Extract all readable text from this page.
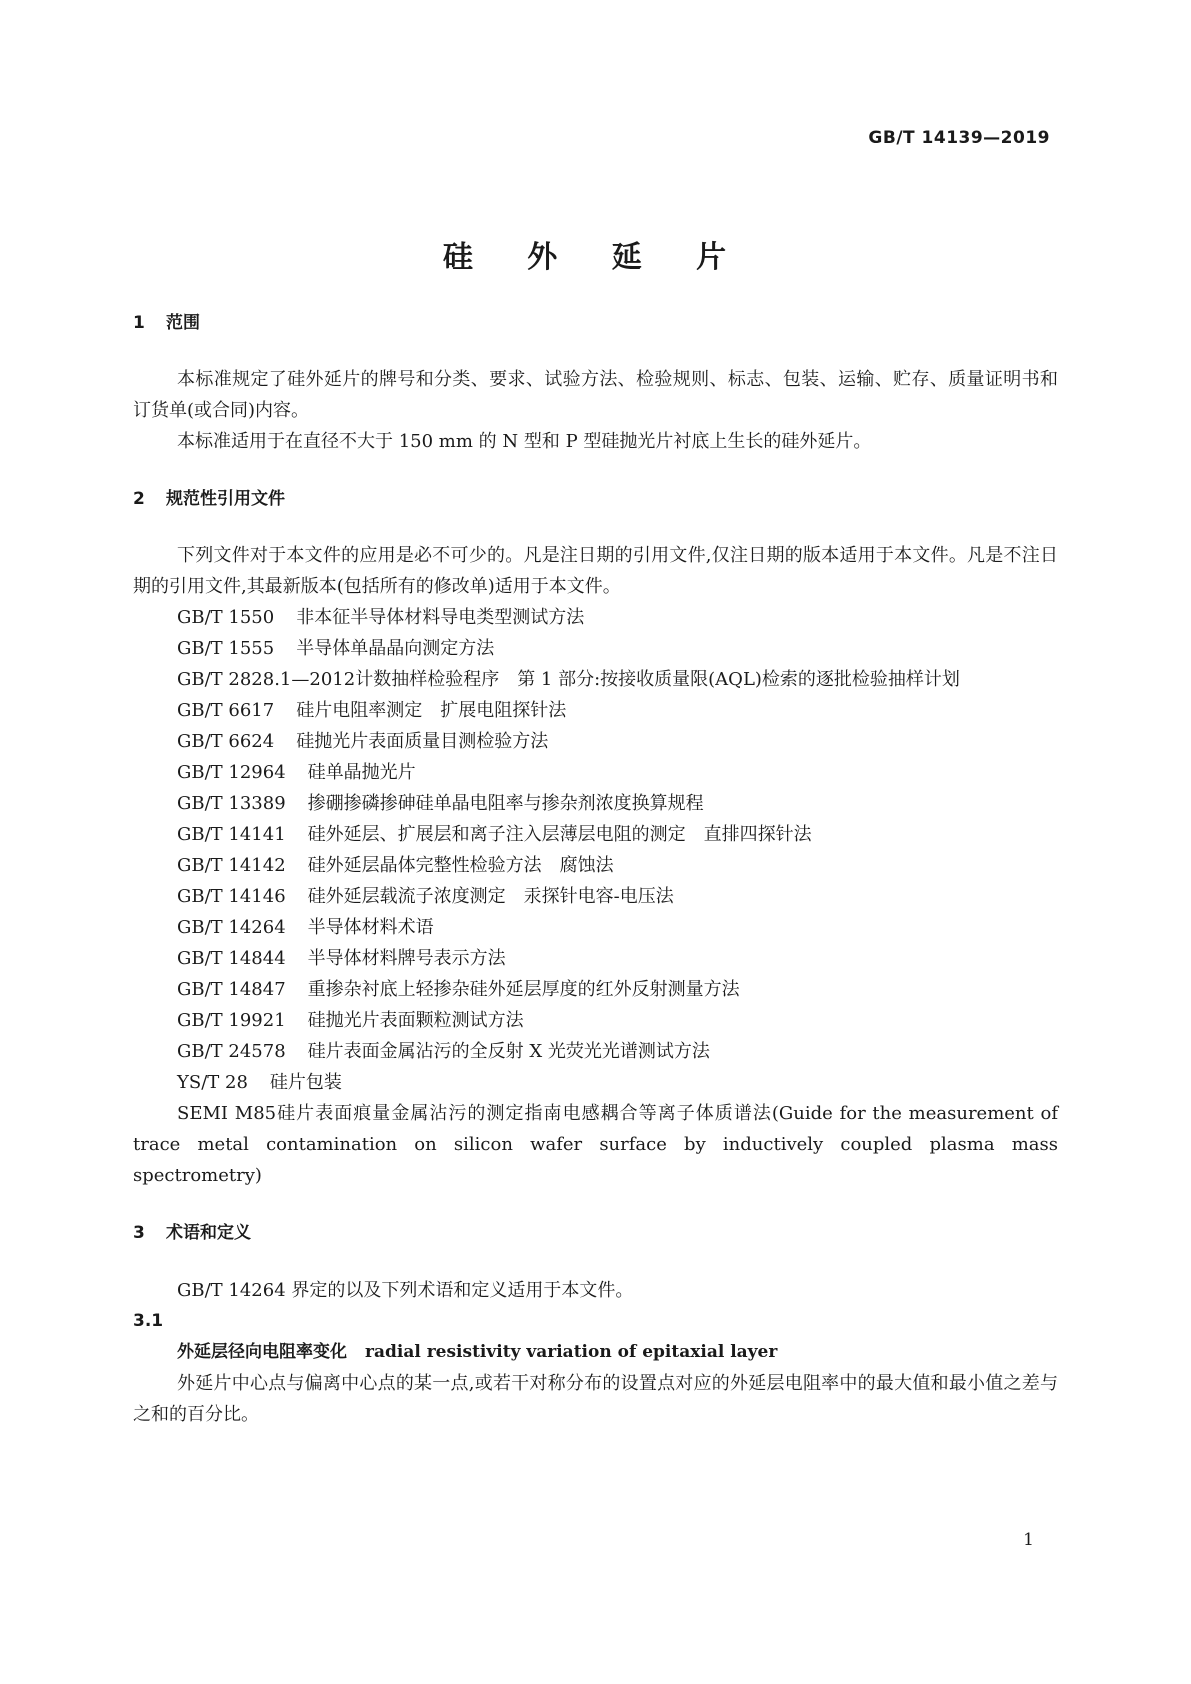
GB/T 14139—2019
硅 外 延 片
1 范围
本标准规定了硅外延片的牌号和分类、要求、试验方法、检验规则、标志、包装、运输、贮存、质量证明书和订货单(或合同)内容。
本标准适用于在直径不大于 150 mm 的 N 型和 P 型硅抛光片衬底上生长的硅外延片。
2 规范性引用文件
下列文件对于本文件的应用是必不可少的。凡是注日期的引用文件,仅注日期的版本适用于本文件。凡是不注日期的引用文件,其最新版本(包括所有的修改单)适用于本文件。
GB/T 1550 非本征半导体材料导电类型测试方法
GB/T 1555 半导体单晶晶向测定方法
GB/T 2828.1—2012计数抽样检验程序　第 1 部分:按接收质量限(AQL)检索的逐批检验抽样计划
GB/T 6617 硅片电阻率测定　扩展电阻探针法
GB/T 6624 硅抛光片表面质量目测检验方法
GB/T 12964 硅单晶抛光片
GB/T 13389 掺硼掺磷掺砷硅单晶电阻率与掺杂剂浓度换算规程
GB/T 14141 硅外延层、扩展层和离子注入层薄层电阻的测定　直排四探针法
GB/T 14142 硅外延层晶体完整性检验方法　腐蚀法
GB/T 14146 硅外延层载流子浓度测定　汞探针电容-电压法
GB/T 14264 半导体材料术语
GB/T 14844 半导体材料牌号表示方法
GB/T 14847 重掺杂衬底上轻掺杂硅外延层厚度的红外反射测量方法
GB/T 19921 硅抛光片表面颗粒测试方法
GB/T 24578 硅片表面金属沾污的全反射 X 光荧光光谱测试方法
YS/T 28 硅片包装
SEMI M85硅片表面痕量金属沾污的测定指南电感耦合等离子体质谱法(Guide for the measurement of trace metal contamination on silicon wafer surface by inductively coupled plasma mass spectrometry)
3 术语和定义
GB/T 14264 界定的以及下列术语和定义适用于本文件。
3.1
外延层径向电阻率变化 radial resistivity variation of epitaxial layer
外延片中心点与偏离中心点的某一点,或若干对称分布的设置点对应的外延层电阻率中的最大值和最小值之差与之和的百分比。
1
